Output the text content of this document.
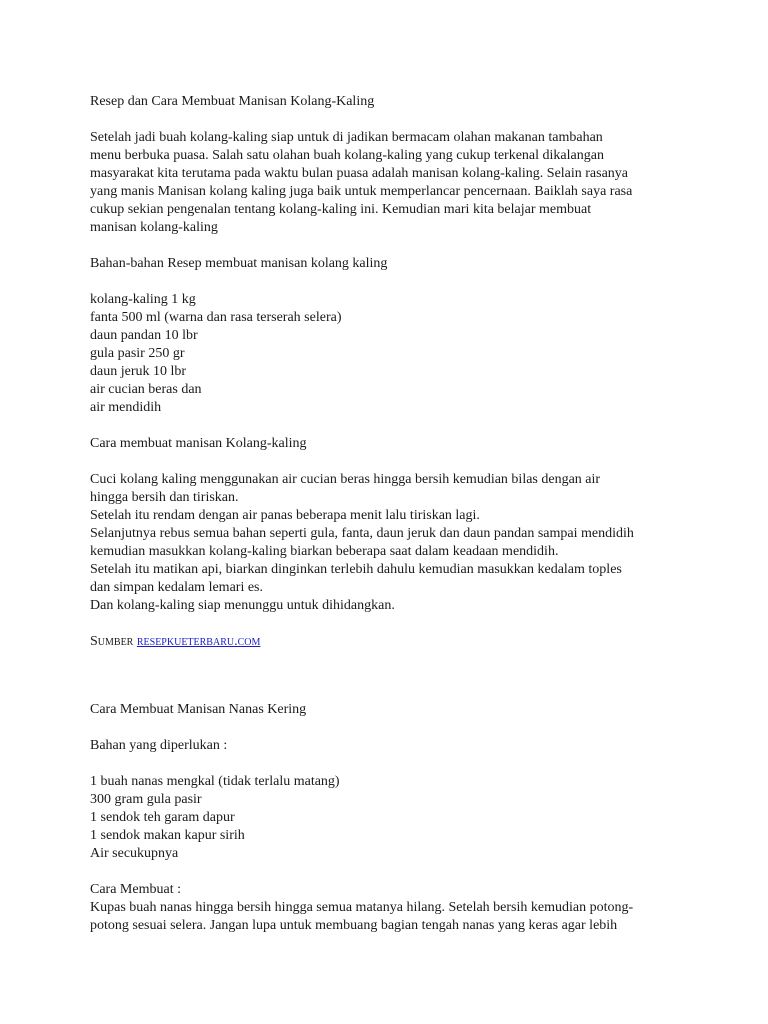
Resep dan Cara Membuat Manisan Kolang-Kaling
Setelah jadi buah kolang-kaling siap untuk di jadikan bermacam olahan makanan tambahan
menu berbuka puasa. Salah satu olahan buah kolang-kaling yang cukup terkenal dikalangan
masyarakat kita terutama pada waktu bulan puasa adalah manisan kolang-kaling. Selain rasanya
yang manis Manisan kolang kaling juga baik untuk memperlancar pencernaan. Baiklah saya rasa
cukup sekian pengenalan tentang kolang-kaling ini. Kemudian mari kita belajar membuat
manisan kolang-kaling
Bahan-bahan Resep membuat manisan kolang kaling
kolang-kaling 1 kg
fanta 500 ml (warna dan rasa terserah selera)
daun pandan 10 lbr
gula pasir 250 gr
daun jeruk 10 lbr
air cucian beras dan
air mendidih
Cara membuat manisan Kolang-kaling
Cuci kolang kaling menggunakan air cucian beras hingga bersih kemudian bilas dengan air
hingga bersih dan tiriskan.
Setelah itu rendam dengan air panas beberapa menit lalu tiriskan lagi.
Selanjutnya rebus semua bahan seperti gula, fanta, daun jeruk dan daun pandan sampai mendidih
kemudian masukkan kolang-kaling biarkan beberapa saat dalam keadaan mendidih.
Setelah itu matikan api, biarkan dinginkan terlebih dahulu kemudian masukkan kedalam toples
dan simpan kedalam lemari es.
Dan kolang-kaling siap menunggu untuk dihidangkan.
Sumber resepkueterbaru.com
Cara Membuat Manisan Nanas Kering
Bahan yang diperlukan :
1 buah nanas mengkal (tidak terlalu matang)
300 gram gula pasir
1 sendok teh garam dapur
1 sendok makan kapur sirih
Air secukupnya
Cara Membuat :
Kupas buah nanas hingga bersih hingga semua matanya hilang. Setelah bersih kemudian potong-
potong sesuai selera. Jangan lupa untuk membuang bagian tengah nanas yang keras agar lebih
